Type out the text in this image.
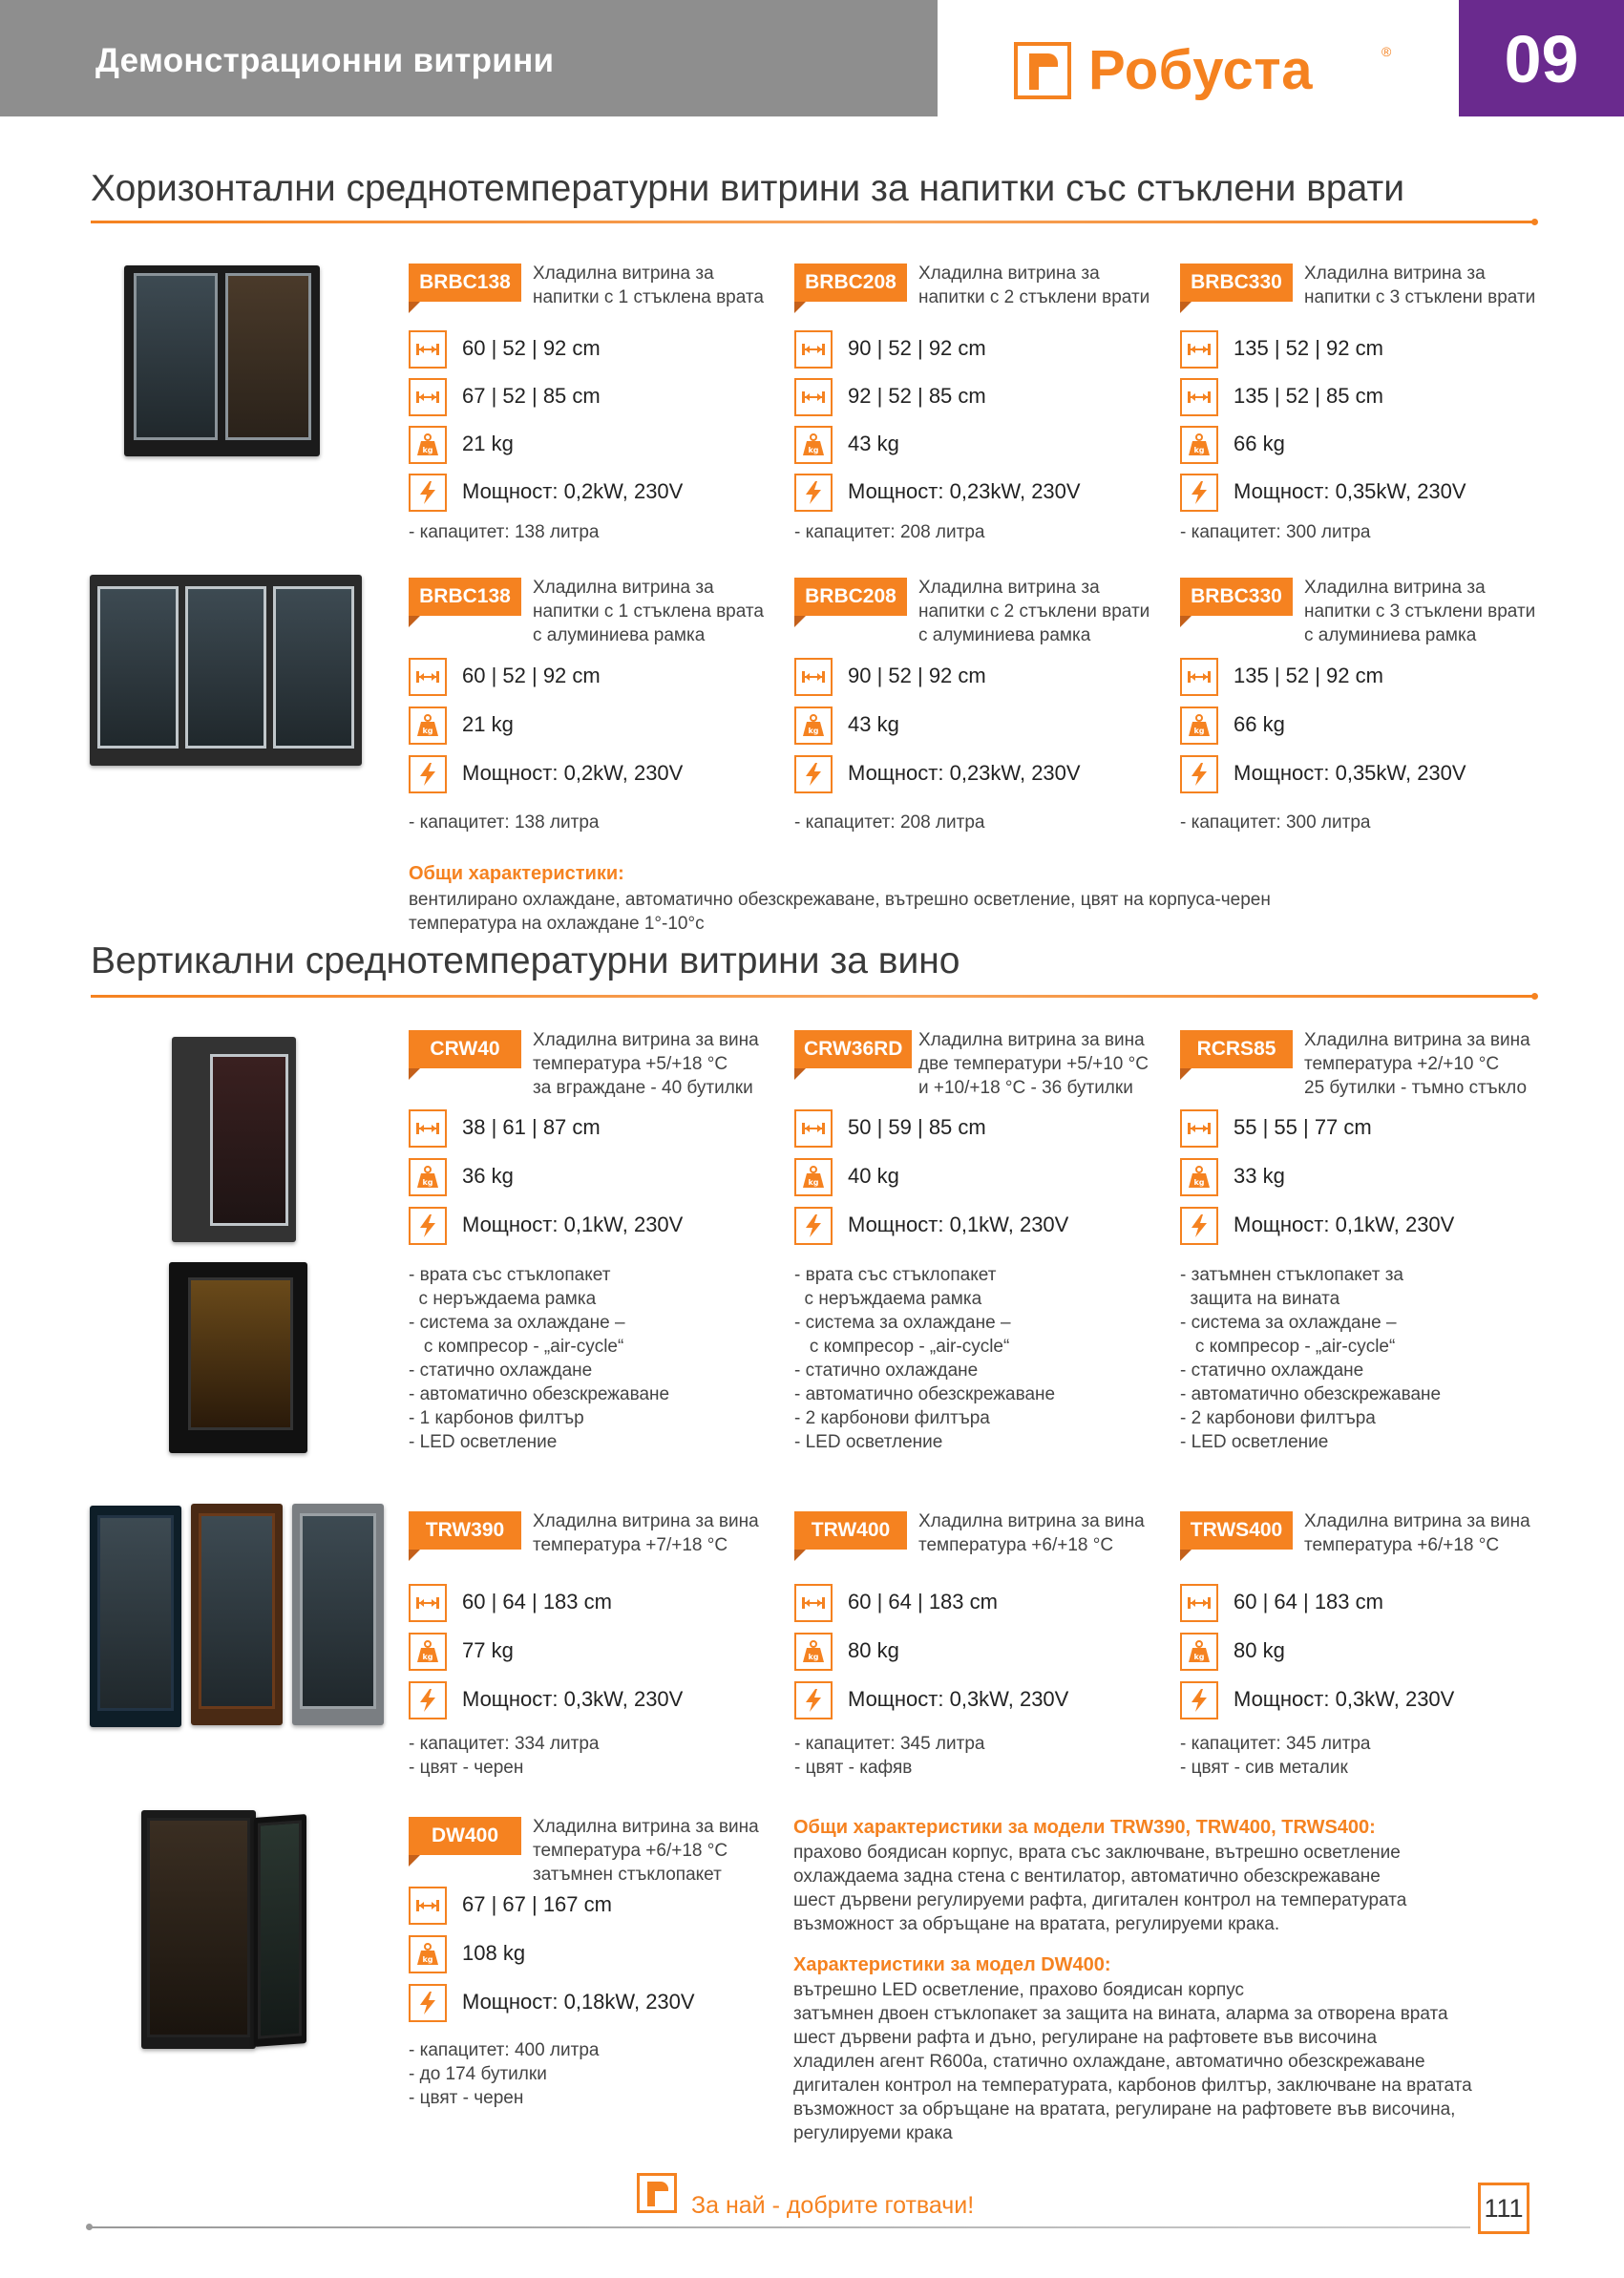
Демонстрационни витрини	Робуста	®	09
Хоризонтални среднотемпературни витрини за напитки със стъклени врати
BRBC138	Хладилна витрина за
напитки с 1 стъклена врата
60 | 52 | 92 cm
67 | 52 | 85 cm
kg 21 kg
Мощност: 0,2kW, 230V
- капацитет: 138 литра
BRBC208	Хладилна витрина за
напитки с 2 стъклени врати
90 | 52 | 92 cm
92 | 52 | 85 cm
kg 43 kg
Мощност: 0,23kW, 230V
- капацитет: 208 литра
BRBC330	Хладилна витрина за
напитки с 3 стъклени врати
135 | 52 | 92 cm
135 | 52 | 85 cm
kg 66 kg
Мощност: 0,35kW, 230V
- капацитет: 300 литра
BRBC138	Хладилна витрина за
напитки с 1 стъклена врата
с алуминиева рамка
60 | 52 | 92 cm
kg 21 kg
Мощност: 0,2kW, 230V
- капацитет: 138 литра
BRBC208	Хладилна витрина за
напитки с 2 стъклени врати
с алуминиева рамка
90 | 52 | 92 cm
kg 43 kg
Мощност: 0,23kW, 230V
- капацитет: 208 литра
BRBC330	Хладилна витрина за
напитки с 3 стъклени врати
с алуминиева рамка
135 | 52 | 92 cm
kg 66 kg
Мощност: 0,35kW, 230V
- капацитет: 300 литра
Общи характеристики:
вентилирано охлаждане, автоматично обезскрежаване, вътрешно осветление, цвят на корпуса-черен
температура на охлаждане 1°-10°с
Вертикални среднотемпературни витрини за вино
CRW40	Хладилна витрина за вина
температура +5/+18 °C
за вграждане - 40 бутилки
38 | 61 | 87 cm
kg 36 kg
Мощност: 0,1kW, 230V
- врата със стъклопакет
с неръждаема рамка
- система за охлаждане –
с компресор - „air-cycle“
- статично охлаждане
- автоматично обезскрежаване
- 1 карбонов филтър
- LED осветление
CRW36RD Хладилна витрина за вина
две температури +5/+10 °C
и +10/+18 °C - 36 бутилки
50 | 59 | 85 cm
kg 40 kg
Мощност: 0,1kW, 230V
- врата със стъклопакет
с неръждаема рамка
- система за охлаждане –
с компресор - „air-cycle“
- статично охлаждане
- автоматично обезскрежаване
- 2 карбонови филтъра
- LED осветление
RCRS85	Хладилна витрина за вина
температура +2/+10 °C
25 бутилки - тъмно стъкло
55 | 55 | 77 cm
kg 33 kg
Мощност: 0,1kW, 230V
- затъмнен стъклопакет за
защита на вината
- система за охлаждане –
с компресор - „air-cycle“
- статично охлаждане
- автоматично обезскрежаване
- 2 карбонови филтъра
- LED осветление
TRW390	Хладилна витрина за вина
температура +7/+18 °C
60 | 64 | 183 cm
kg 77 kg
Мощност: 0,3kW, 230V
- капацитет: 334 литра
- цвят - черен
TRW400	Хладилна витрина за вина
температура +6/+18 °C
60 | 64 | 183 cm
kg 80 kg
Мощност: 0,3kW, 230V
- капацитет: 345 литра
- цвят - кафяв
TRWS400	Хладилна витрина за вина
температура +6/+18 °C
60 | 64 | 183 cm
kg 80 kg
Мощност: 0,3kW, 230V
- капацитет: 345 литра
- цвят - сив металик
DW400	Хладилна витрина за вина
температура +6/+18 °C
затъмнен стъклопакет
67 | 67 | 167 cm
kg 108 kg
Мощност: 0,18kW, 230V
- капацитет: 400 литра
- до 174 бутилки
- цвят - черен
Общи характеристики за модели TRW390, TRW400, TRWS400:
прахово боядисан корпус, врата със заключване, вътрешно осветление
охлаждаема задна стена с вентилатор, автоматично обезскрежаване
шест дървени регулируеми рафта, дигитален контрол на температурата
възможност за обръщане на вратата, регулируеми крака.
Характеристики за модел DW400:
вътрешно LED осветление, прахово боядисан корпус
затъмнен двоен стъклопакет за защита на вината, аларма за отворена врата
шест дървени рафта и дъно, регулиране на рафтовете във височина
хладилен агент R600a, статично охлаждане, автоматично обезскрежаване
дигитален контрол на температурата, карбонов филтър, заключване на вратата
възможност за обръщане на вратата, регулиране на рафтовете във височина,
регулируеми крака
За най - добрите готвачи!	111
